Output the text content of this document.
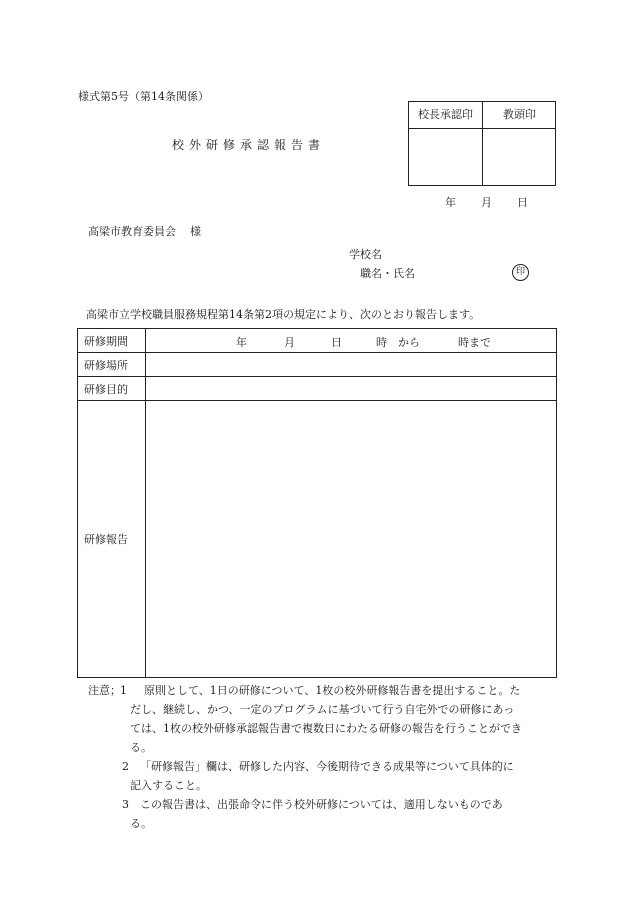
様式第5号（第14条関係）
校外研修承認報告書
校長承認印	教頭印
年 月 日
高梁市教育委員会 様
学校名
職名・氏名	印
高梁市立学校職員服務規程第14条第2項の規定により、次のとおり報告します。
研修期間	年 月 日 時　から 時まで

研修場所	
研修目的	
研修報告	
注意； 1 原則として、1日の研修について、1枚の校外研修報告書を提出すること。た
だし、継続し、かつ、一定のプログラムに基づいて行う自宅外での研修にあっ
ては、1枚の校外研修承認報告書で複数日にわたる研修の報告を行うことができ
る。
2 「研修報告」欄は、研修した内容、今後期待できる成果等について具体的に
記入すること。
3 この報告書は、出張命令に伴う校外研修については、適用しないものであ
る。
